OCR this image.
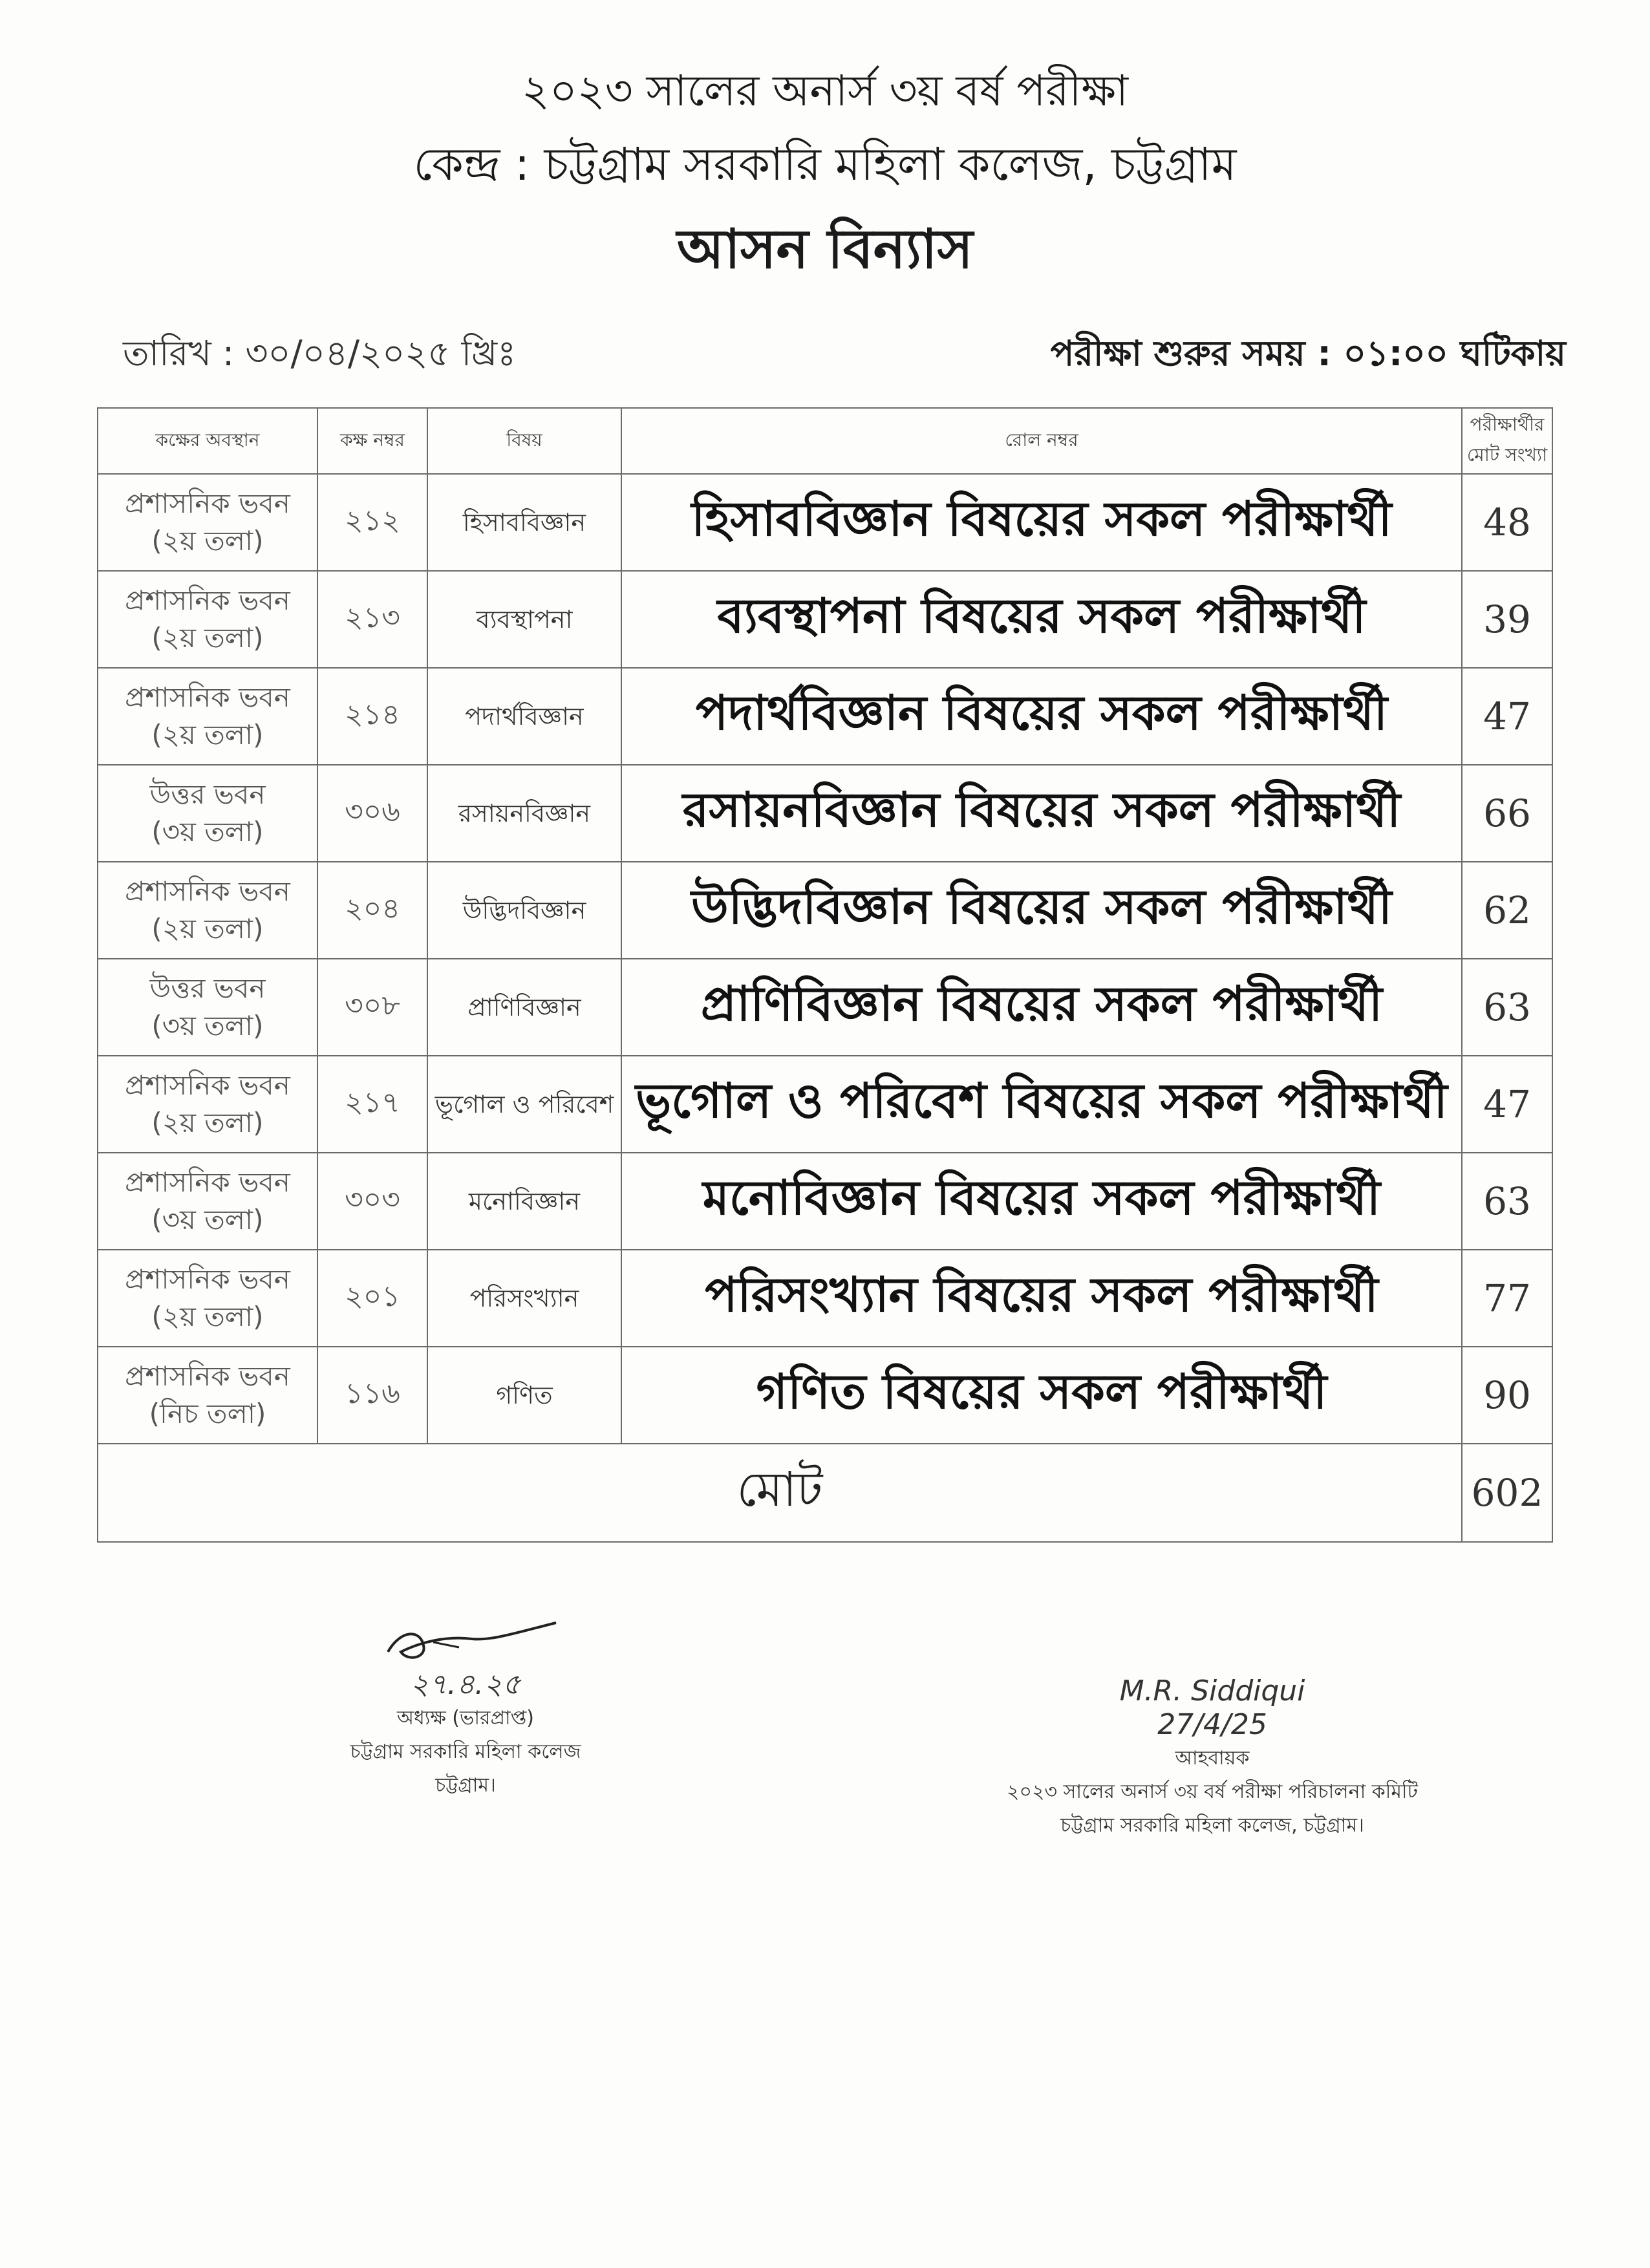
২০২৩ সালের অনার্স ৩য় বর্ষ পরীক্ষা
কেন্দ্র : চট্টগ্রাম সরকারি মহিলা কলেজ, চট্টগ্রাম
আসন বিন্যাস
তারিখ : ৩০/০৪/২০২৫ খ্রিঃ	পরীক্ষা শুরুর সময় : ০১:০০ ঘটিকায়
কক্ষের অবস্থান	কক্ষ নম্বর	বিষয়	রোল নম্বর	পরীক্ষার্থীর মোট সংখ্যা

প্রশাসনিক ভবন
(২য় তলা)	২১২	হিসাববিজ্ঞান	হিসাববিজ্ঞান বিষয়ের সকল পরীক্ষার্থী	48

প্রশাসনিক ভবন
(২য় তলা)	২১৩	ব্যবস্থাপনা	ব্যবস্থাপনা বিষয়ের সকল পরীক্ষার্থী	39

প্রশাসনিক ভবন
(২য় তলা)	২১৪	পদার্থবিজ্ঞান	পদার্থবিজ্ঞান বিষয়ের সকল পরীক্ষার্থী	47

উত্তর ভবন
(৩য় তলা)	৩০৬	রসায়নবিজ্ঞান	রসায়নবিজ্ঞান বিষয়ের সকল পরীক্ষার্থী	66

প্রশাসনিক ভবন
(২য় তলা)	২০৪	উদ্ভিদবিজ্ঞান	উদ্ভিদবিজ্ঞান বিষয়ের সকল পরীক্ষার্থী	62

উত্তর ভবন
(৩য় তলা)	৩০৮	প্রাণিবিজ্ঞান	প্রাণিবিজ্ঞান বিষয়ের সকল পরীক্ষার্থী	63

প্রশাসনিক ভবন
(২য় তলা)	২১৭	ভূগোল ও পরিবেশ	ভূগোল ও পরিবেশ বিষয়ের সকল পরীক্ষার্থী	47

প্রশাসনিক ভবন
(৩য় তলা)	৩০৩	মনোবিজ্ঞান	মনোবিজ্ঞান বিষয়ের সকল পরীক্ষার্থী	63

প্রশাসনিক ভবন
(২য় তলা)	২০১	পরিসংখ্যান	পরিসংখ্যান বিষয়ের সকল পরীক্ষার্থী	77

প্রশাসনিক ভবন
(নিচ তলা)	১১৬	গণিত	গণিত বিষয়ের সকল পরীক্ষার্থী	90
মোট				602
২৭.৪.২৫
অধ্যক্ষ (ভারপ্রাপ্ত)
চট্টগ্রাম সরকারি মহিলা কলেজ
চট্টগ্রাম।
M.R. Siddiqui
27/4/25
আহবায়ক
২০২৩ সালের অনার্স ৩য় বর্ষ পরীক্ষা পরিচালনা কমিটি
চট্টগ্রাম সরকারি মহিলা কলেজ, চট্টগ্রাম।
